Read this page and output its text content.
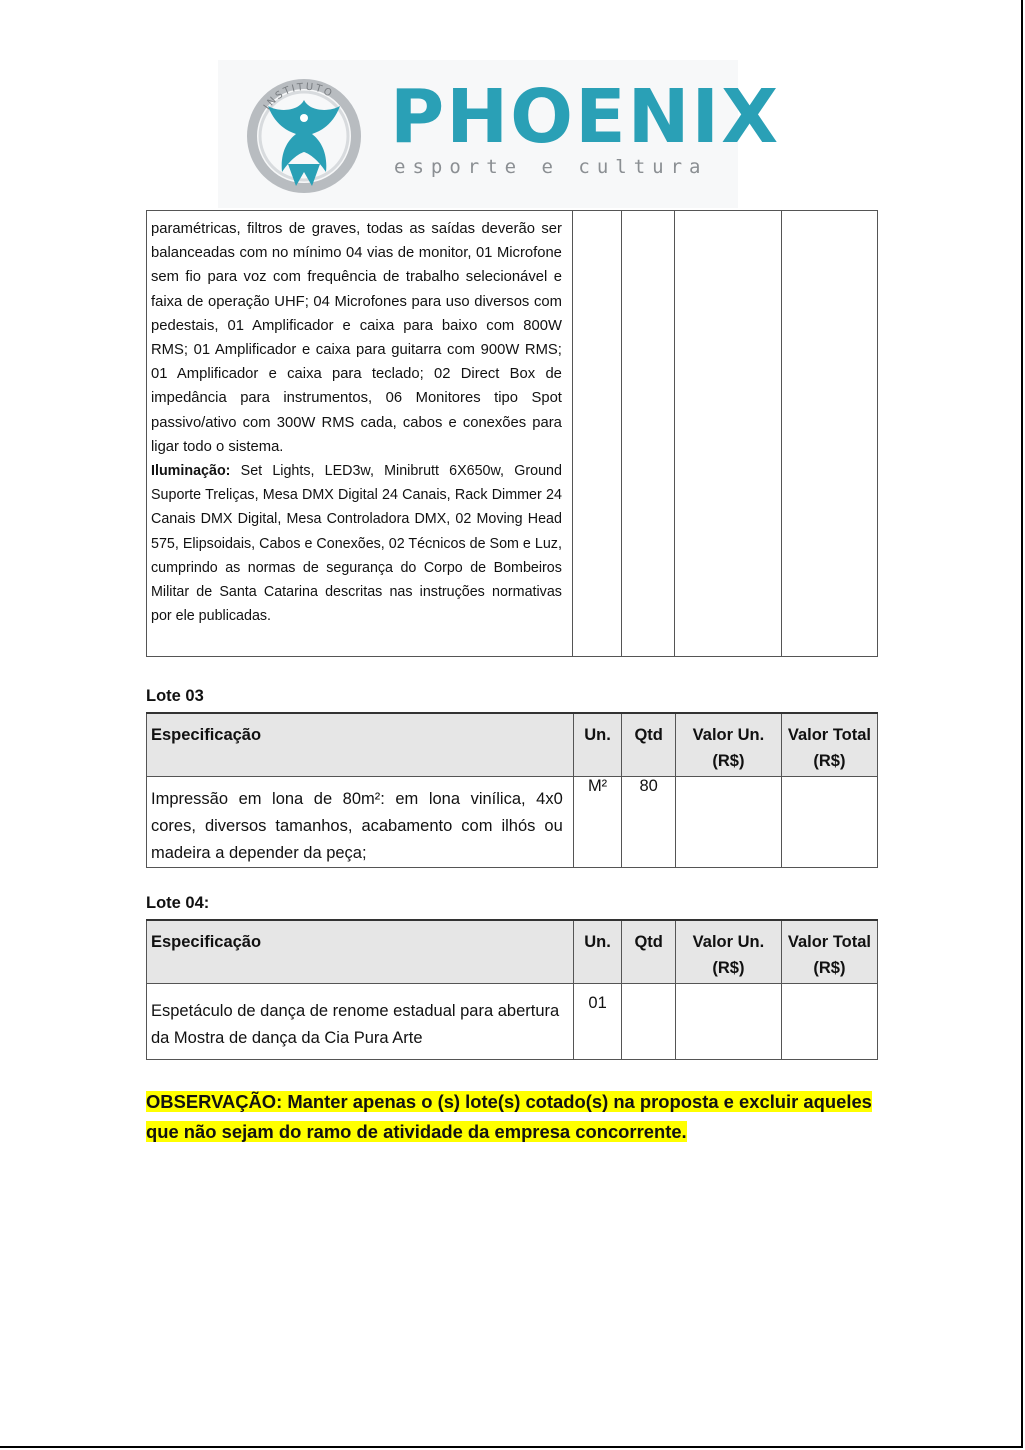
INSTITUTO PHOENIX
esporte e cultura
paramétricas, filtros de graves, todas as saídas deverão ser balanceadas com no mínimo 04 vias de monitor, 01 Microfone sem fio para voz com frequência de trabalho selecionável e faixa de operação UHF; 04 Microfones para uso diversos com pedestais, 01 Amplificador e caixa para baixo com 800W RMS; 01 Amplificador e caixa para guitarra com 900W RMS; 01 Amplificador e caixa para teclado; 02 Direct Box de impedância para instrumentos, 06 Monitores tipo Spot passivo/ativo com 300W RMS cada, cabos e conexões para ligar todo o sistema.
Iluminação: Set Lights, LED3w, Minibrutt 6X650w, Ground Suporte Treliças, Mesa DMX Digital 24 Canais, Rack Dimmer 24 Canais DMX Digital, Mesa Controladora DMX, 02 Moving Head 575, Elipsoidais, Cabos e Conexões, 02 Técnicos de Som e Luz, cumprindo as normas de segurança do Corpo de Bombeiros Militar de Santa Catarina descritas nas instruções normativas por ele publicadas.

Lote 03
Especificação	Un.	Qtd	Valor Un. (R$)	Valor Total (R$)

Impressão em lona de 80m²: em lona vinílica, 4x0 cores, diversos tamanhos, acabamento com ilhós ou madeira a depender da peça;	M²	80		
Lote 04:
Especificação	Un.	Qtd	Valor Un. (R$)	Valor Total (R$)

Espetáculo de dança de renome estadual para abertura da Mostra de dança da Cia Pura Arte	01			
OBSERVAÇÃO: Manter apenas o (s) lote(s) cotado(s) na proposta e excluir aqueles que não sejam do ramo de atividade da empresa concorrente.
